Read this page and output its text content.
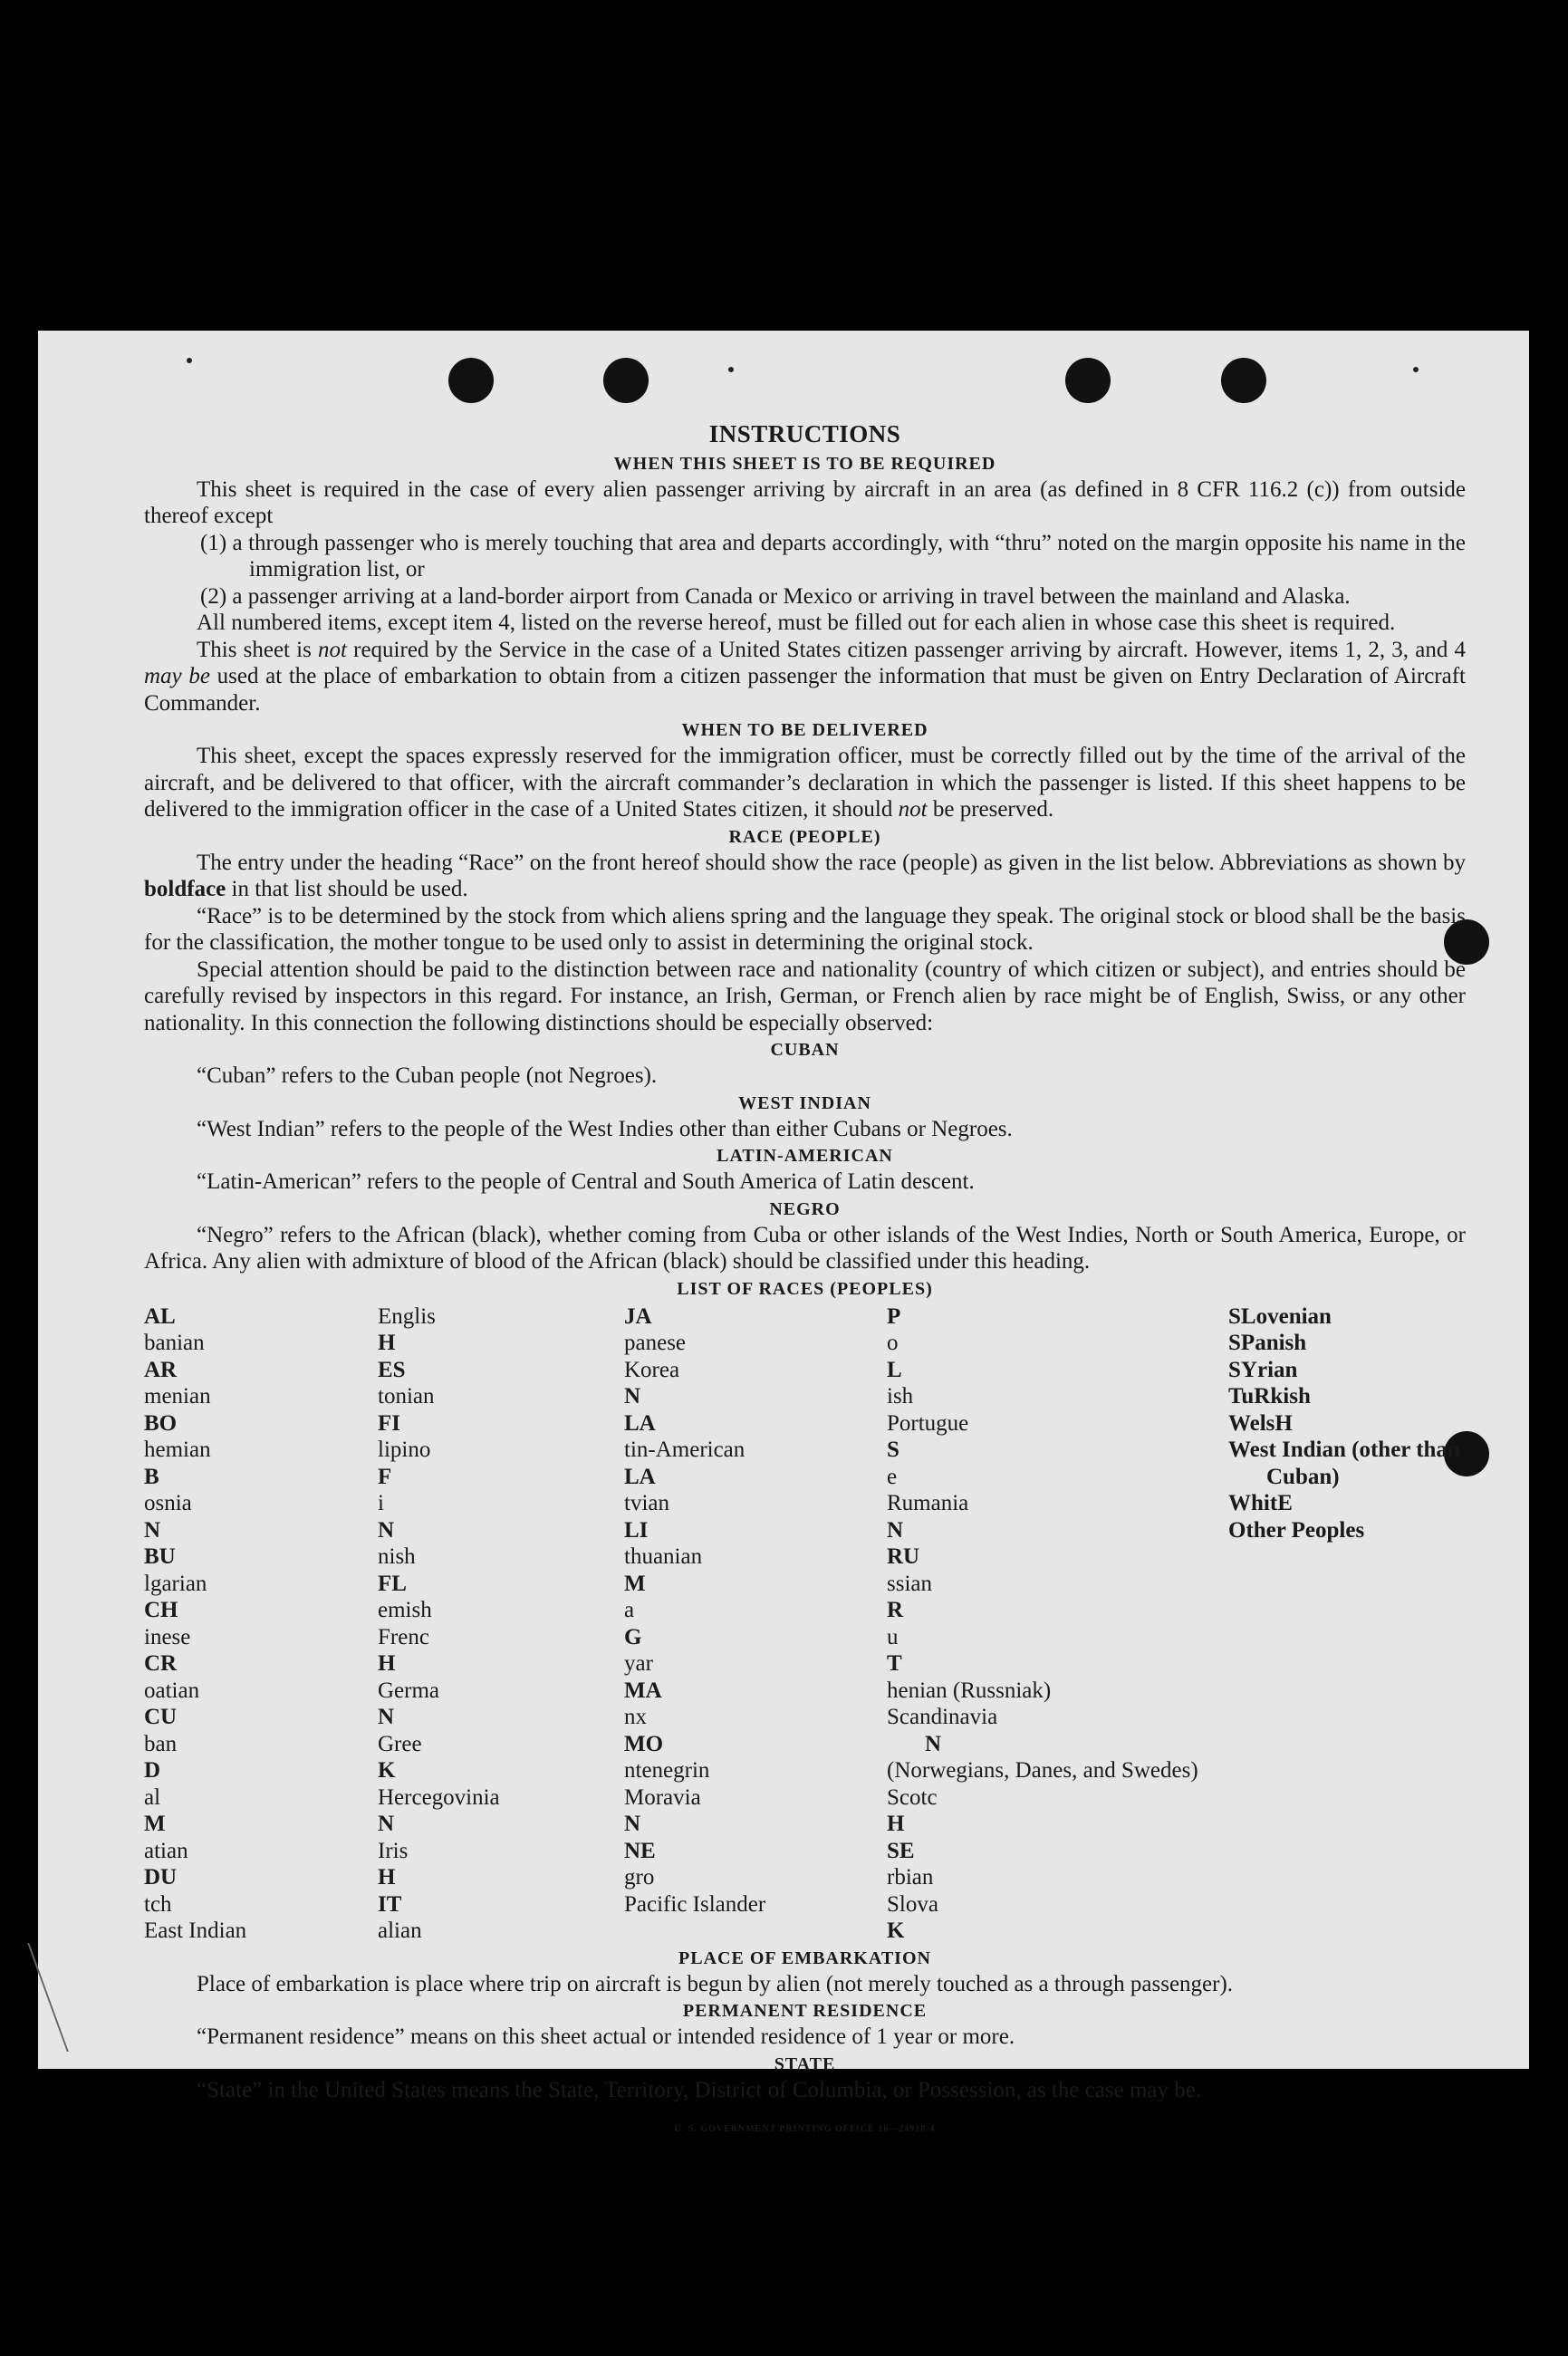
INSTRUCTIONS
WHEN THIS SHEET IS TO BE REQUIRED

This sheet is required in the case of every alien passenger arriving by aircraft in an area (as defined in 8 CFR 116.2 (c)) from outside thereof except

(1) a through passenger who is merely touching that area and departs accordingly, with “thru” noted on the margin opposite his name in the immigration list, or

(2) a passenger arriving at a land-border airport from Canada or Mexico or arriving in travel between the mainland and Alaska.

All numbered items, except item 4, listed on the reverse hereof, must be filled out for each alien in whose case this sheet is required.

This sheet is not required by the Service in the case of a United States citizen passenger arriving by aircraft. However, items 1, 2, 3, and 4 may be used at the place of embarkation to obtain from a citizen passenger the information that must be given on Entry Declaration of Aircraft Commander.

WHEN TO BE DELIVERED

This sheet, except the spaces expressly reserved for the immigration officer, must be correctly filled out by the time of the arrival of the aircraft, and be delivered to that officer, with the aircraft commander’s declaration in which the passenger is listed. If this sheet happens to be delivered to the immigration officer in the case of a United States citizen, it should not be preserved.

RACE (PEOPLE)

The entry under the heading “Race” on the front hereof should show the race (people) as given in the list below. Abbreviations as shown by boldface in that list should be used.

“Race” is to be determined by the stock from which aliens spring and the language they speak. The original stock or blood shall be the basis for the classification, the mother tongue to be used only to assist in determining the original stock.

Special attention should be paid to the distinction between race and nationality (country of which citizen or subject), and entries should be carefully revised by inspectors in this regard. For instance, an Irish, German, or French alien by race might be of English, Swiss, or any other nationality. In this connection the following distinctions should be especially observed:

CUBAN

“Cuban” refers to the Cuban people (not Negroes).

WEST INDIAN

“West Indian” refers to the people of the West Indies other than either Cubans or Negroes.

LATIN-AMERICAN

“Latin-American” refers to the people of Central and South America of Latin descent.

NEGRO

“Negro” refers to the African (black), whether coming from Cuba or other islands of the West Indies, North or South America, Europe, or Africa. Any alien with admixture of blood of the African (black) should be classified under this heading.

LIST OF RACES (PEOPLES)
AL
banian
AR
menian
BO
hemian
B
osnia
N
BU
lgarian
CH
inese
CR
oatian
CU
ban
D
al
M
atian
DU
tch
East Indian
Englis
H
ES
tonian
FI
lipino
F
i
N
nish
FL
emish
Frenc
H
Germa
N
Gree
K
Hercegovinia
N
Iris
H
IT
alian
JA
panese
Korea
N
LA
tin-American
LA
tvian
LI
thuanian
M
a
G
yar
MA
nx
MO
ntenegrin
Moravia
N
NE
gro
Pacific Islander
P
o
L
ish
Portugue
S
e
Rumania
N
RU
ssian
R
u
T
henian (Russniak)
Scandinavia
N
(Norwegians, Danes, and Swedes)
Scotc
H
SE
rbian
Slova
K
SLovenian
SPanish
SYrian
TuRkish
WelsH
West Indian (other than Cuban)
WhitE
Other Peoples
PLACE OF EMBARKATION

Place of embarkation is place where trip on aircraft is begun by alien (not merely touched as a through passenger).

PERMANENT RESIDENCE

“Permanent residence” means on this sheet actual or intended residence of 1 year or more.

STATE

“State” in the United States means the State, Territory, District of Columbia, or Possession, as the case may be.

U. S. GOVERNMENT PRINTING OFFICE 16—24918-4
